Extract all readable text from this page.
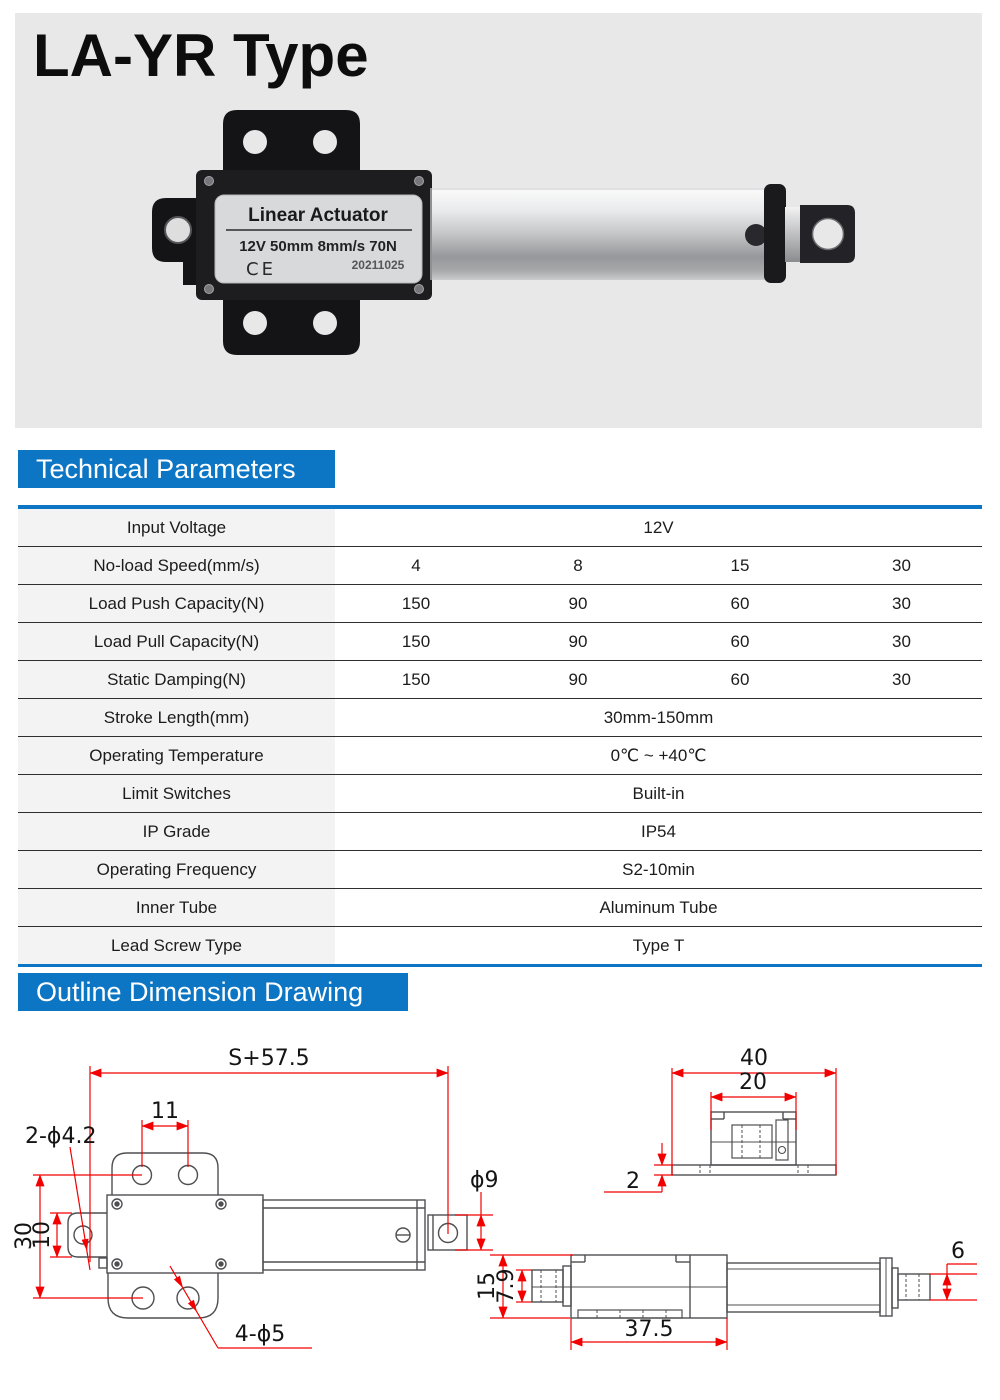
LA-YR Type
Linear Actuator
12V 50mm 8mm/s 70N
CE	20211025
Technical Parameters
Input Voltage	12V			
No-load Speed(mm/s)	4	8	15	30
Load Push Capacity(N)	150	90	60	30
Load Pull Capacity(N)	150	90	60	30
Static Damping(N)	150	90	60	30
Stroke Length(mm)	30mm-150mm			
Operating Temperature	0℃ ~ +40℃			
Limit Switches	Built-in			
IP Grade	IP54			
Operating Frequency	S2-10min			
Inner Tube	Aluminum Tube			
Lead Screw Type	Type T			
Outline Dimension Drawing
S+57.5
11
2-ϕ4.2
30
10
ϕ9
4-ϕ5
40
20
2
15
7.9
37.5
6
